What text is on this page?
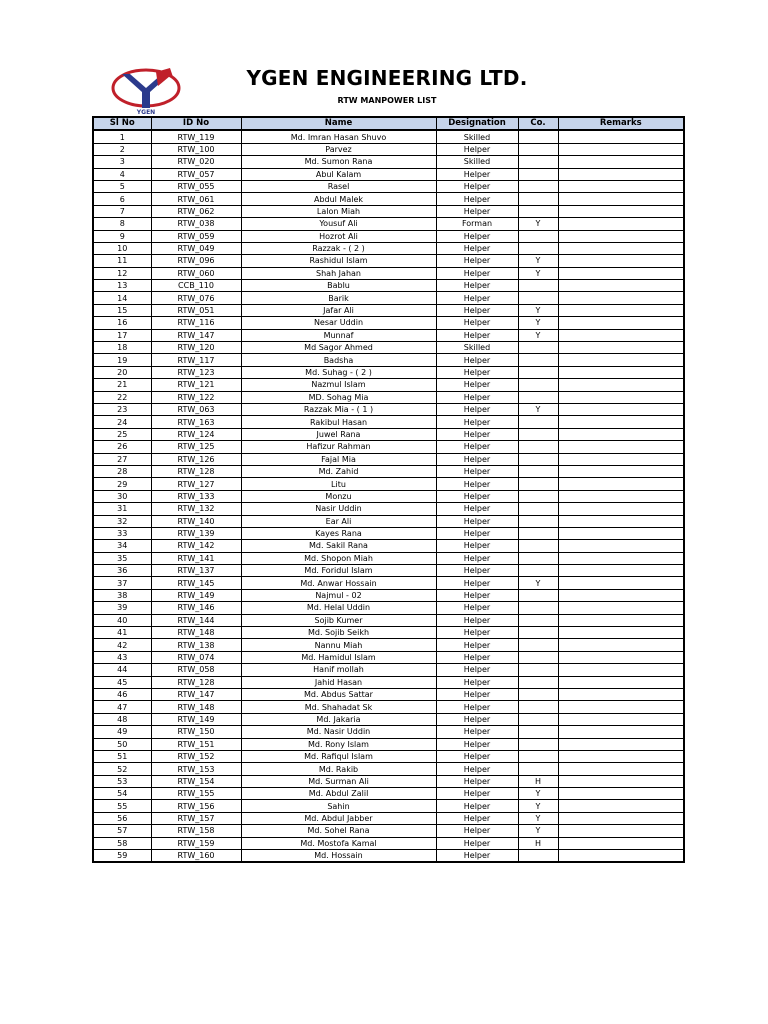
YGEN
YGEN ENGINEERING LTD.
RTW MANPOWER LIST
Sl No	ID No	Name	Designation	Co.	Remarks
1	RTW_119	Md. Imran Hasan Shuvo	Skilled		
2	RTW_100	Parvez	Helper		
3	RTW_020	Md. Sumon Rana	Skilled		
4	RTW_057	Abul Kalam	Helper		
5	RTW_055	Rasel	Helper		
6	RTW_061	Abdul Malek	Helper		
7	RTW_062	Lalon Miah	Helper		
8	RTW_038	Yousuf Ali	Forman	Y	
9	RTW_059	Hozrot Ali	Helper		
10	RTW_049	Razzak - ( 2 )	Helper		
11	RTW_096	Rashidul Islam	Helper	Y	
12	RTW_060	Shah Jahan	Helper	Y	
13	CCB_110	Bablu	Helper		
14	RTW_076	Barik	Helper		
15	RTW_051	Jafar Ali	Helper	Y	
16	RTW_116	Nesar Uddin	Helper	Y	
17	RTW_147	Munnaf	Helper	Y	
18	RTW_120	Md Sagor Ahmed	Skilled		
19	RTW_117	Badsha	Helper		
20	RTW_123	Md. Suhag - ( 2 )	Helper		
21	RTW_121	Nazmul Islam	Helper		
22	RTW_122	MD. Sohag Mia	Helper		
23	RTW_063	Razzak Mia - ( 1 )	Helper	Y	
24	RTW_163	Rakibul Hasan	Helper		
25	RTW_124	Juwel Rana	Helper		
26	RTW_125	Hafizur Rahman	Helper		
27	RTW_126	Fajal Mia	Helper		
28	RTW_128	Md. Zahid	Helper		
29	RTW_127	Litu	Helper		
30	RTW_133	Monzu	Helper		
31	RTW_132	Nasir Uddin	Helper		
32	RTW_140	Ear Ali	Helper		
33	RTW_139	Kayes Rana	Helper		
34	RTW_142	Md. Sakil Rana	Helper		
35	RTW_141	Md. Shopon Miah	Helper		
36	RTW_137	Md. Foridul Islam	Helper		
37	RTW_145	Md. Anwar Hossain	Helper	Y	
38	RTW_149	Najmul - 02	Helper		
39	RTW_146	Md. Helal Uddin	Helper		
40	RTW_144	Sojib Kumer	Helper		
41	RTW_148	Md. Sojib Seikh	Helper		
42	RTW_138	Nannu Miah	Helper		
43	RTW_074	Md. Hamidul Islam	Helper		
44	RTW_058	Hanif mollah	Helper		
45	RTW_128	Jahid Hasan	Helper		
46	RTW_147	Md. Abdus Sattar	Helper		
47	RTW_148	Md. Shahadat Sk	Helper		
48	RTW_149	Md. Jakaria	Helper		
49	RTW_150	Md. Nasir Uddin	Helper		
50	RTW_151	Md. Rony Islam	Helper		
51	RTW_152	Md. Rafiqul Islam	Helper		
52	RTW_153	Md. Rakib	Helper		
53	RTW_154	Md. Surman Ali	Helper	H	
54	RTW_155	Md. Abdul Zalil	Helper	Y	
55	RTW_156	Sahin	Helper	Y	
56	RTW_157	Md. Abdul Jabber	Helper	Y	
57	RTW_158	Md. Sohel Rana	Helper	Y	
58	RTW_159	Md. Mostofa Kamal	Helper	H	
59	RTW_160	Md. Hossain	Helper		
